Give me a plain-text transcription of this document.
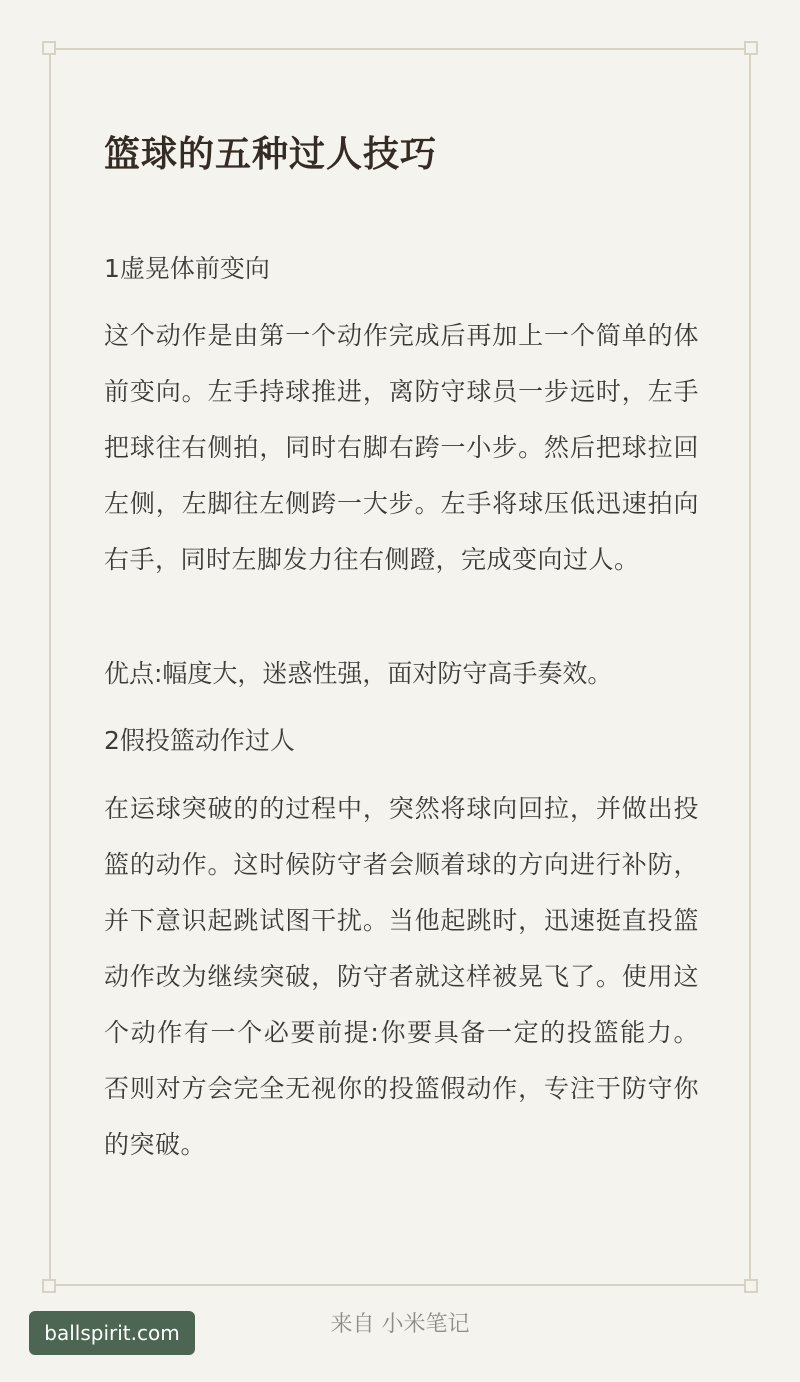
篮球的五种过人技巧

1虚晃体前变向

这个动作是由第一个动作完成后再加上一个简单的体前变向。左手持球推进，离防守球员一步远时，左手把球往右侧拍，同时右脚右跨一小步。然后把球拉回左侧，左脚往左侧跨一大步。左手将球压低迅速拍向右手，同时左脚发力往右侧蹬，完成变向过人。

优点:幅度大，迷惑性强，面对防守高手奏效。

2假投篮动作过人

在运球突破的的过程中，突然将球向回拉，并做出投篮的动作。这时候防守者会顺着球的方向进行补防，并下意识起跳试图干扰。当他起跳时，迅速挺直投篮动作改为继续突破，防守者就这样被晃飞了。使用这个动作有一个必要前提:你要具备一定的投篮能力。否则对方会完全无视你的投篮假动作，专注于防守你的突破。

来自 小米笔记
ballspirit.com
